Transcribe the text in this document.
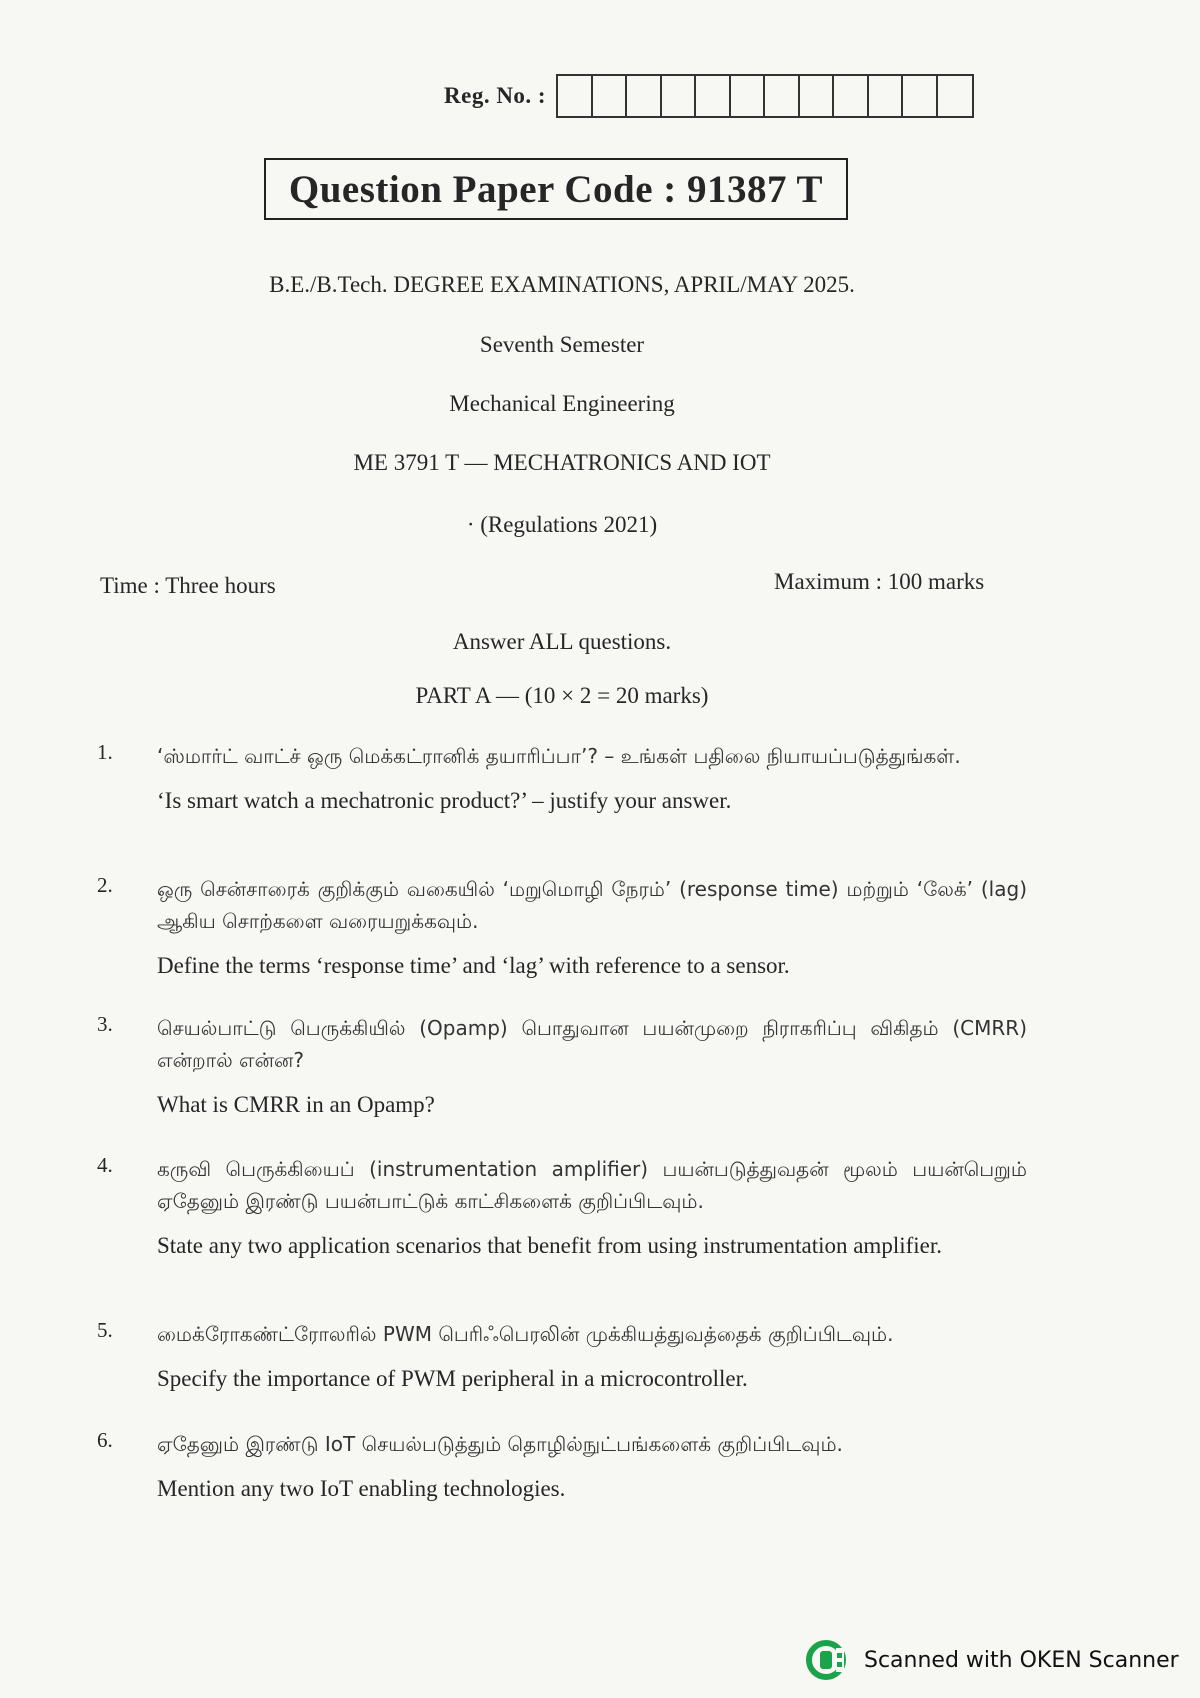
Reg. No. :
Question Paper Code : 91387 T
B.E./B.Tech. DEGREE EXAMINATIONS, APRIL/MAY 2025.
Seventh Semester
Mechanical Engineering
ME 3791 T — MECHATRONICS AND IOT
· (Regulations 2021)
Time : Three hours	Maximum : 100 marks
Answer ALL questions.
PART A — (10 × 2 = 20 marks)
1. ‘ஸ்மார்ட் வாட்ச் ஒரு மெக்கட்ரானிக் தயாரிப்பா’? – உங்கள் பதிலை நியாயப்படுத்துங்கள்.
‘Is smart watch a mechatronic product?’ – justify your answer.
2. ஒரு சென்சாரைக் குறிக்கும் வகையில் ‘மறுமொழி நேரம்’ (response time) மற்றும் ‘லேக்’ (lag) ஆகிய சொற்களை வரையறுக்கவும்.
Define the terms ‘response time’ and ‘lag’ with reference to a sensor.
3. செயல்பாட்டு பெருக்கியில் (Opamp) பொதுவான பயன்முறை நிராகரிப்பு விகிதம் (CMRR) என்றால் என்ன?
What is CMRR in an Opamp?
4. கருவி பெருக்கியைப் (instrumentation amplifier) பயன்படுத்துவதன் மூலம் பயன்பெறும் ஏதேனும் இரண்டு பயன்பாட்டுக் காட்சிகளைக் குறிப்பிடவும்.
State any two application scenarios that benefit from using instrumentation amplifier.
5. மைக்ரோகண்ட்ரோலரில் PWM பெரிஃபெரலின் முக்கியத்துவத்தைக் குறிப்பிடவும்.
Specify the importance of PWM peripheral in a microcontroller.
6. ஏதேனும் இரண்டு IoT செயல்படுத்தும் தொழில்நுட்பங்களைக் குறிப்பிடவும்.
Mention any two IoT enabling technologies.
Scanned with OKEN Scanner
